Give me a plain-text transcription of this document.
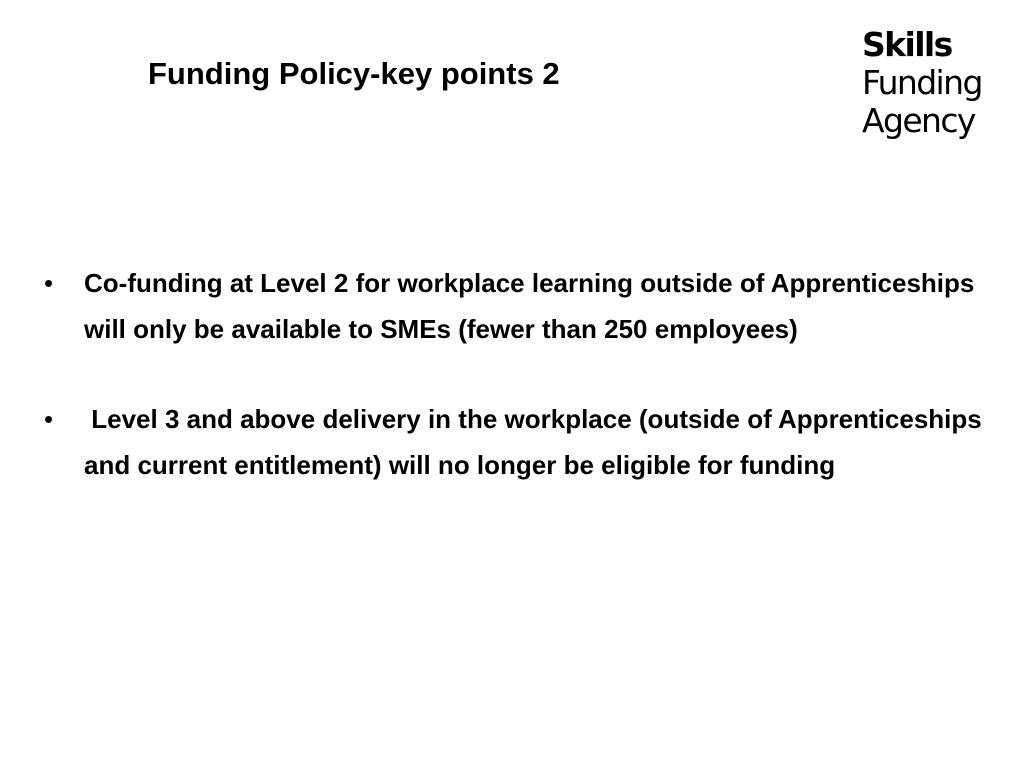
Funding Policy-key points 2
Skills
Funding
Agency
• Co-funding at Level 2 for workplace learning outside of Apprenticeships will only be available to SMEs (fewer than 250 employees)
• Level 3 and above delivery in the workplace (outside of Apprenticeships and current entitlement) will no longer be eligible for funding
